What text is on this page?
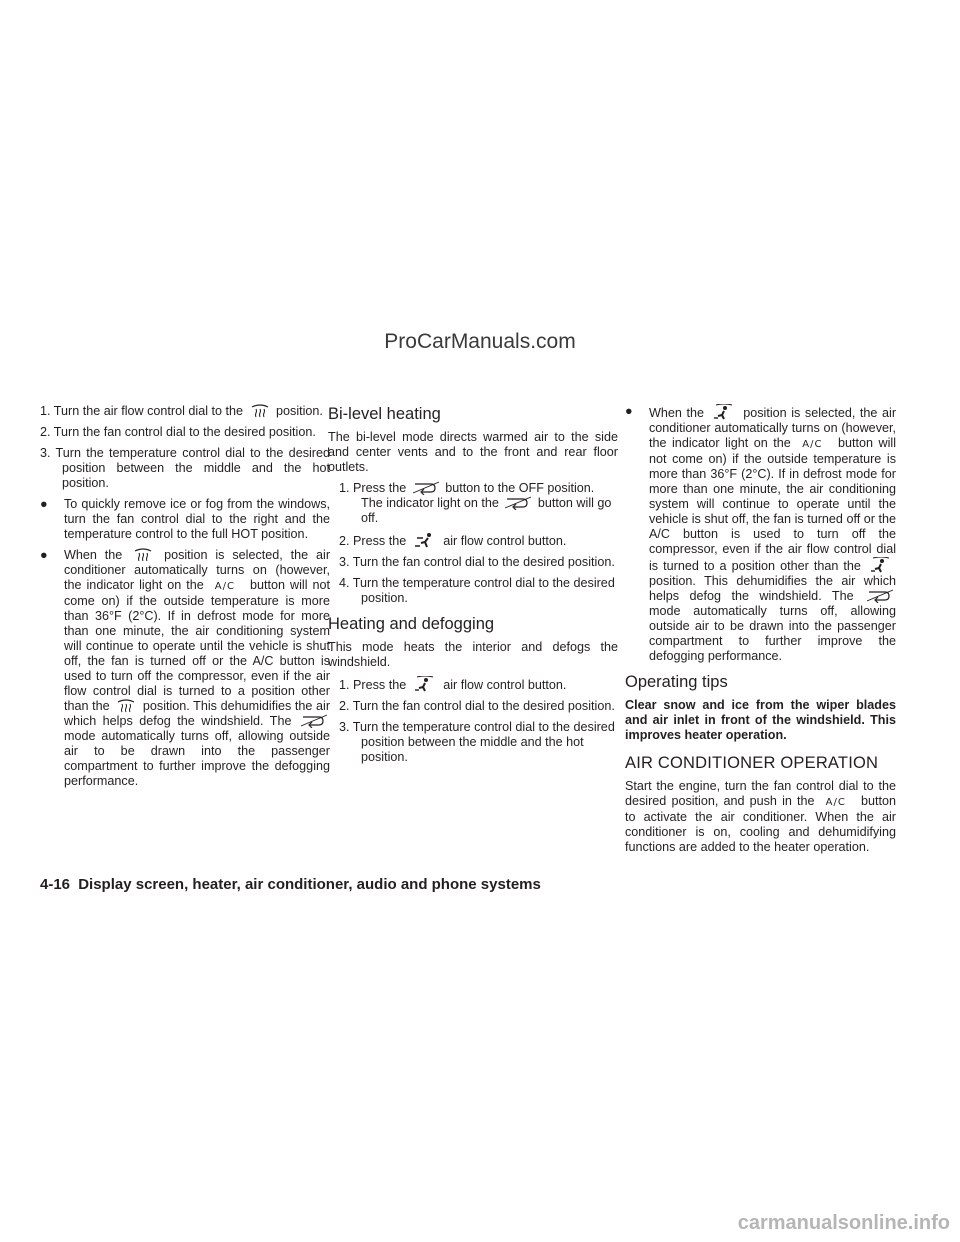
ProCarManuals.com

1. Turn the air flow control dial to the	position.

2. Turn the fan control dial to the desired position.

3. Turn the temperature control dial to the desired position between the middle and the hot position.

● To quickly remove ice or fog from the windows, turn the fan control dial to the right and the temperature control to the full HOT position.

● When the	position is selected, the air conditioner automatically turns on (however, the indicator light on the A/C button will not come on) if the outside temperature is more than 36°F (2°C). If in defrost mode for more than one minute, the air conditioning system will continue to operate until the vehicle is shut off, the fan is turned off or the A/C button is used to turn off the compressor, even if the air flow control dial is turned to a position other than the	position. This dehumidifies the air which helps defog the windshield. The  mode automatically turns off, allowing outside air to be drawn into the passenger compartment to further improve the defogging performance.

Bi-level heating

The bi-level mode directs warmed air to the side and center vents and to the front and rear floor outlets.

1. Press the	button to the OFF position. The indicator light on the	button will go off.

2. Press the	air flow control button.

3. Turn the fan control dial to the desired position.

4. Turn the temperature control dial to the desired position.

Heating and defogging

This mode heats the interior and defogs the windshield.

1. Press the	air flow control button.

2. Turn the fan control dial to the desired position.

3. Turn the temperature control dial to the desired position between the middle and the hot position.

● When the	position is selected, the air conditioner automatically turns on (however, the indicator light on the A/C button will not come on) if the outside temperature is more than 36°F (2°C). If in defrost mode for more than one minute, the air conditioning system will continue to operate until the vehicle is shut off, the fan is turned off or the A/C button is used to turn off the compressor, even if the air flow control dial is turned to a position other than the  position. This dehumidifies the air which helps defog the windshield. The  mode automatically turns off, allowing outside air to be drawn into the passenger compartment to further improve the defogging performance.

Operating tips

Clear snow and ice from the wiper blades and air inlet in front of the windshield. This improves heater operation.

AIR CONDITIONER OPERATION

Start the engine, turn the fan control dial to the desired position, and push in the A/C button to activate the air conditioner. When the air conditioner is on, cooling and dehumidifying functions are added to the heater operation.

4-16 Display screen, heater, air conditioner, audio and phone systems
carmanualsonline.info
